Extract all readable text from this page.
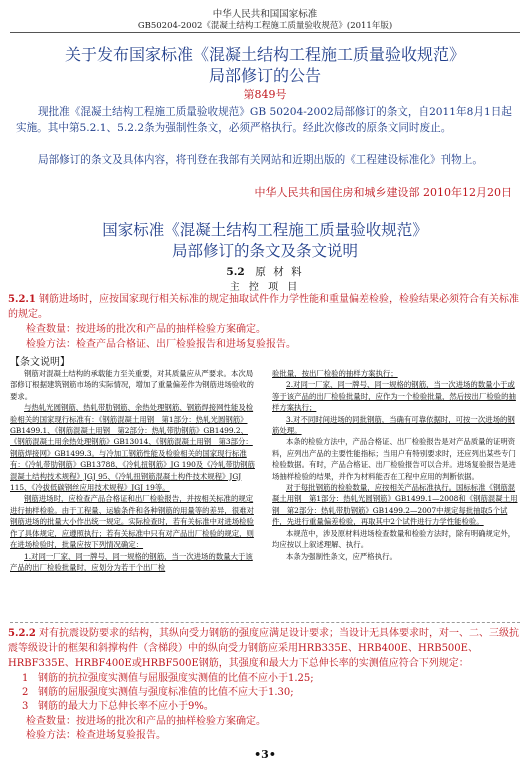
中华人民共和国国家标准
GB50204-2002《混凝土结构工程施工质量验收规范》(2011年版)
关于发布国家标准《混凝土结构工程施工质量验收规范》
局部修订的公告
第849号
现批准《混凝土结构工程施工质量验收规范》GB 50204-2002局部修订的条文，自2011年8月1日起实施。其中第5.2.1、5.2.2条为强制性条文，必须严格执行。经此次修改的原条文同时废止。
局部修订的条文及具体内容，将刊登在我部有关网站和近期出版的《工程建设标准化》刊物上。
中华人民共和国住房和城乡建设部 2010年12月20日
国家标准《混凝土结构工程施工质量验收规范》
局部修订的条文及条文说明
5.2 原 材 料
主 控 项 目
5.2.1 钢筋进场时，应按国家现行相关标准的规定抽取试件作力学性能和重量偏差检验，检验结果必须符合有关标准的规定。
检查数量：按进场的批次和产品的抽样检验方案确定。
检验方法：检查产品合格证、出厂检验报告和进场复验报告。
【条文说明】

钢筋对混凝土结构的承载能力至关重要，对其质量应从严要求。本次局部修订根据建筑钢筋市场的实际情况，增加了重量偏差作为钢筋进场验收的要求。

与热轧光圆钢筋、热轧带肋钢筋、余热处理钢筋、钢筋焊接网性能及检验相关的国家现行标准有：《钢筋混凝土用钢　第1部分：热轧光圆钢筋》GB1499.1、《钢筋混凝土用钢　第2部分：热轧带肋钢筋》GB1499.2、《钢筋混凝土用余热处理钢筋》GB13014、《钢筋混凝土用钢　第3部分：钢筋焊接网》GB1499.3。与冷加工钢筋性能及检验相关的国家现行标准有：《冷轧带肋钢筋》GB13788、《冷轧扭钢筋》JG 190及《冷轧带肋钢筋混凝土结构技术规程》JGJ 95、《冷轧扭钢筋混凝土构件技术规程》JGJ 115、《冷拔低碳钢丝应用技术规程》JGJ 19等。

钢筋进场时，应检查产品合格证和出厂检验报告，并按相关标准的规定进行抽样检验。由于工程量、运输条件和各种钢筋的用量等的差异，很难对钢筋进场的批量大小作出统一规定。实际检查时，若有关标准中对进场检验作了具体规定，应遵照执行；若有关标准中只有对产品出厂检验的规定，则在进场检验时，批量应按下列情况确定：

1.对同一厂家、同一牌号、同一规格的钢筋，当一次进场的数量大于该产品的出厂检验批量时，应划分为若干个出厂检

验批量，按出厂检验的抽样方案执行；

2.对同一厂家、同一牌号、同一规格的钢筋，当一次进场的数量小于或等于该产品的出厂检验批量时，应作为一个检验批量，然后按出厂检验的抽样方案执行；

3.对不同时间进场的同批钢筋，当确有可靠依据时，可按一次进场的钢筋处理。

本条的检验方法中，产品合格证、出厂检验报告是对产品质量的证明资料，应列出产品的主要性能指标；当用户有特别要求时，还应列出某些专门检验数据。有时，产品合格证、出厂检验报告可以合并。进场复验报告是进场抽样检验的结果，并作为材料能否在工程中应用的判断依据。

对于每批钢筋的检验数量，应按相关产品标准执行。国标标准《钢筋混凝土用钢　第1部分：热轧光圆钢筋》GB1499.1—2008和《钢筋混凝土用钢　第2部分：热轧带肋钢筋》GB1499.2—2007中规定每批抽取5个试件，先进行重量偏差检验，再取其中2个试件进行力学性能检验。

本规范中，涉及原材料进场检查数量和检验方法时，除有明确规定外，均应按以上叙述理解、执行。

本条为强制性条文，应严格执行。

5.2.2 对有抗震设防要求的结构，其纵向受力钢筋的强度应满足设计要求；当设计无具体要求时，对一、二、三级抗震等级设计的框架和斜撑构件（含梯段）中的纵向受力钢筋应采用HRB335E、HRB400E、HRB500E、HRBF335E、HRBF400E或HRBF500E钢筋，其强度和最大力下总伸长率的实测值应符合下列规定：
1 钢筋的抗拉强度实测值与屈服强度实测值的比值不应小于1.25;
2 钢筋的屈服强度实测值与强度标准值的比值不应大于1.30;
3 钢筋的最大力下总伸长率不应小于9%。
检查数量：按进场的批次和产品的抽样检验方案确定。
检验方法：检查进场复验报告。
•3•
